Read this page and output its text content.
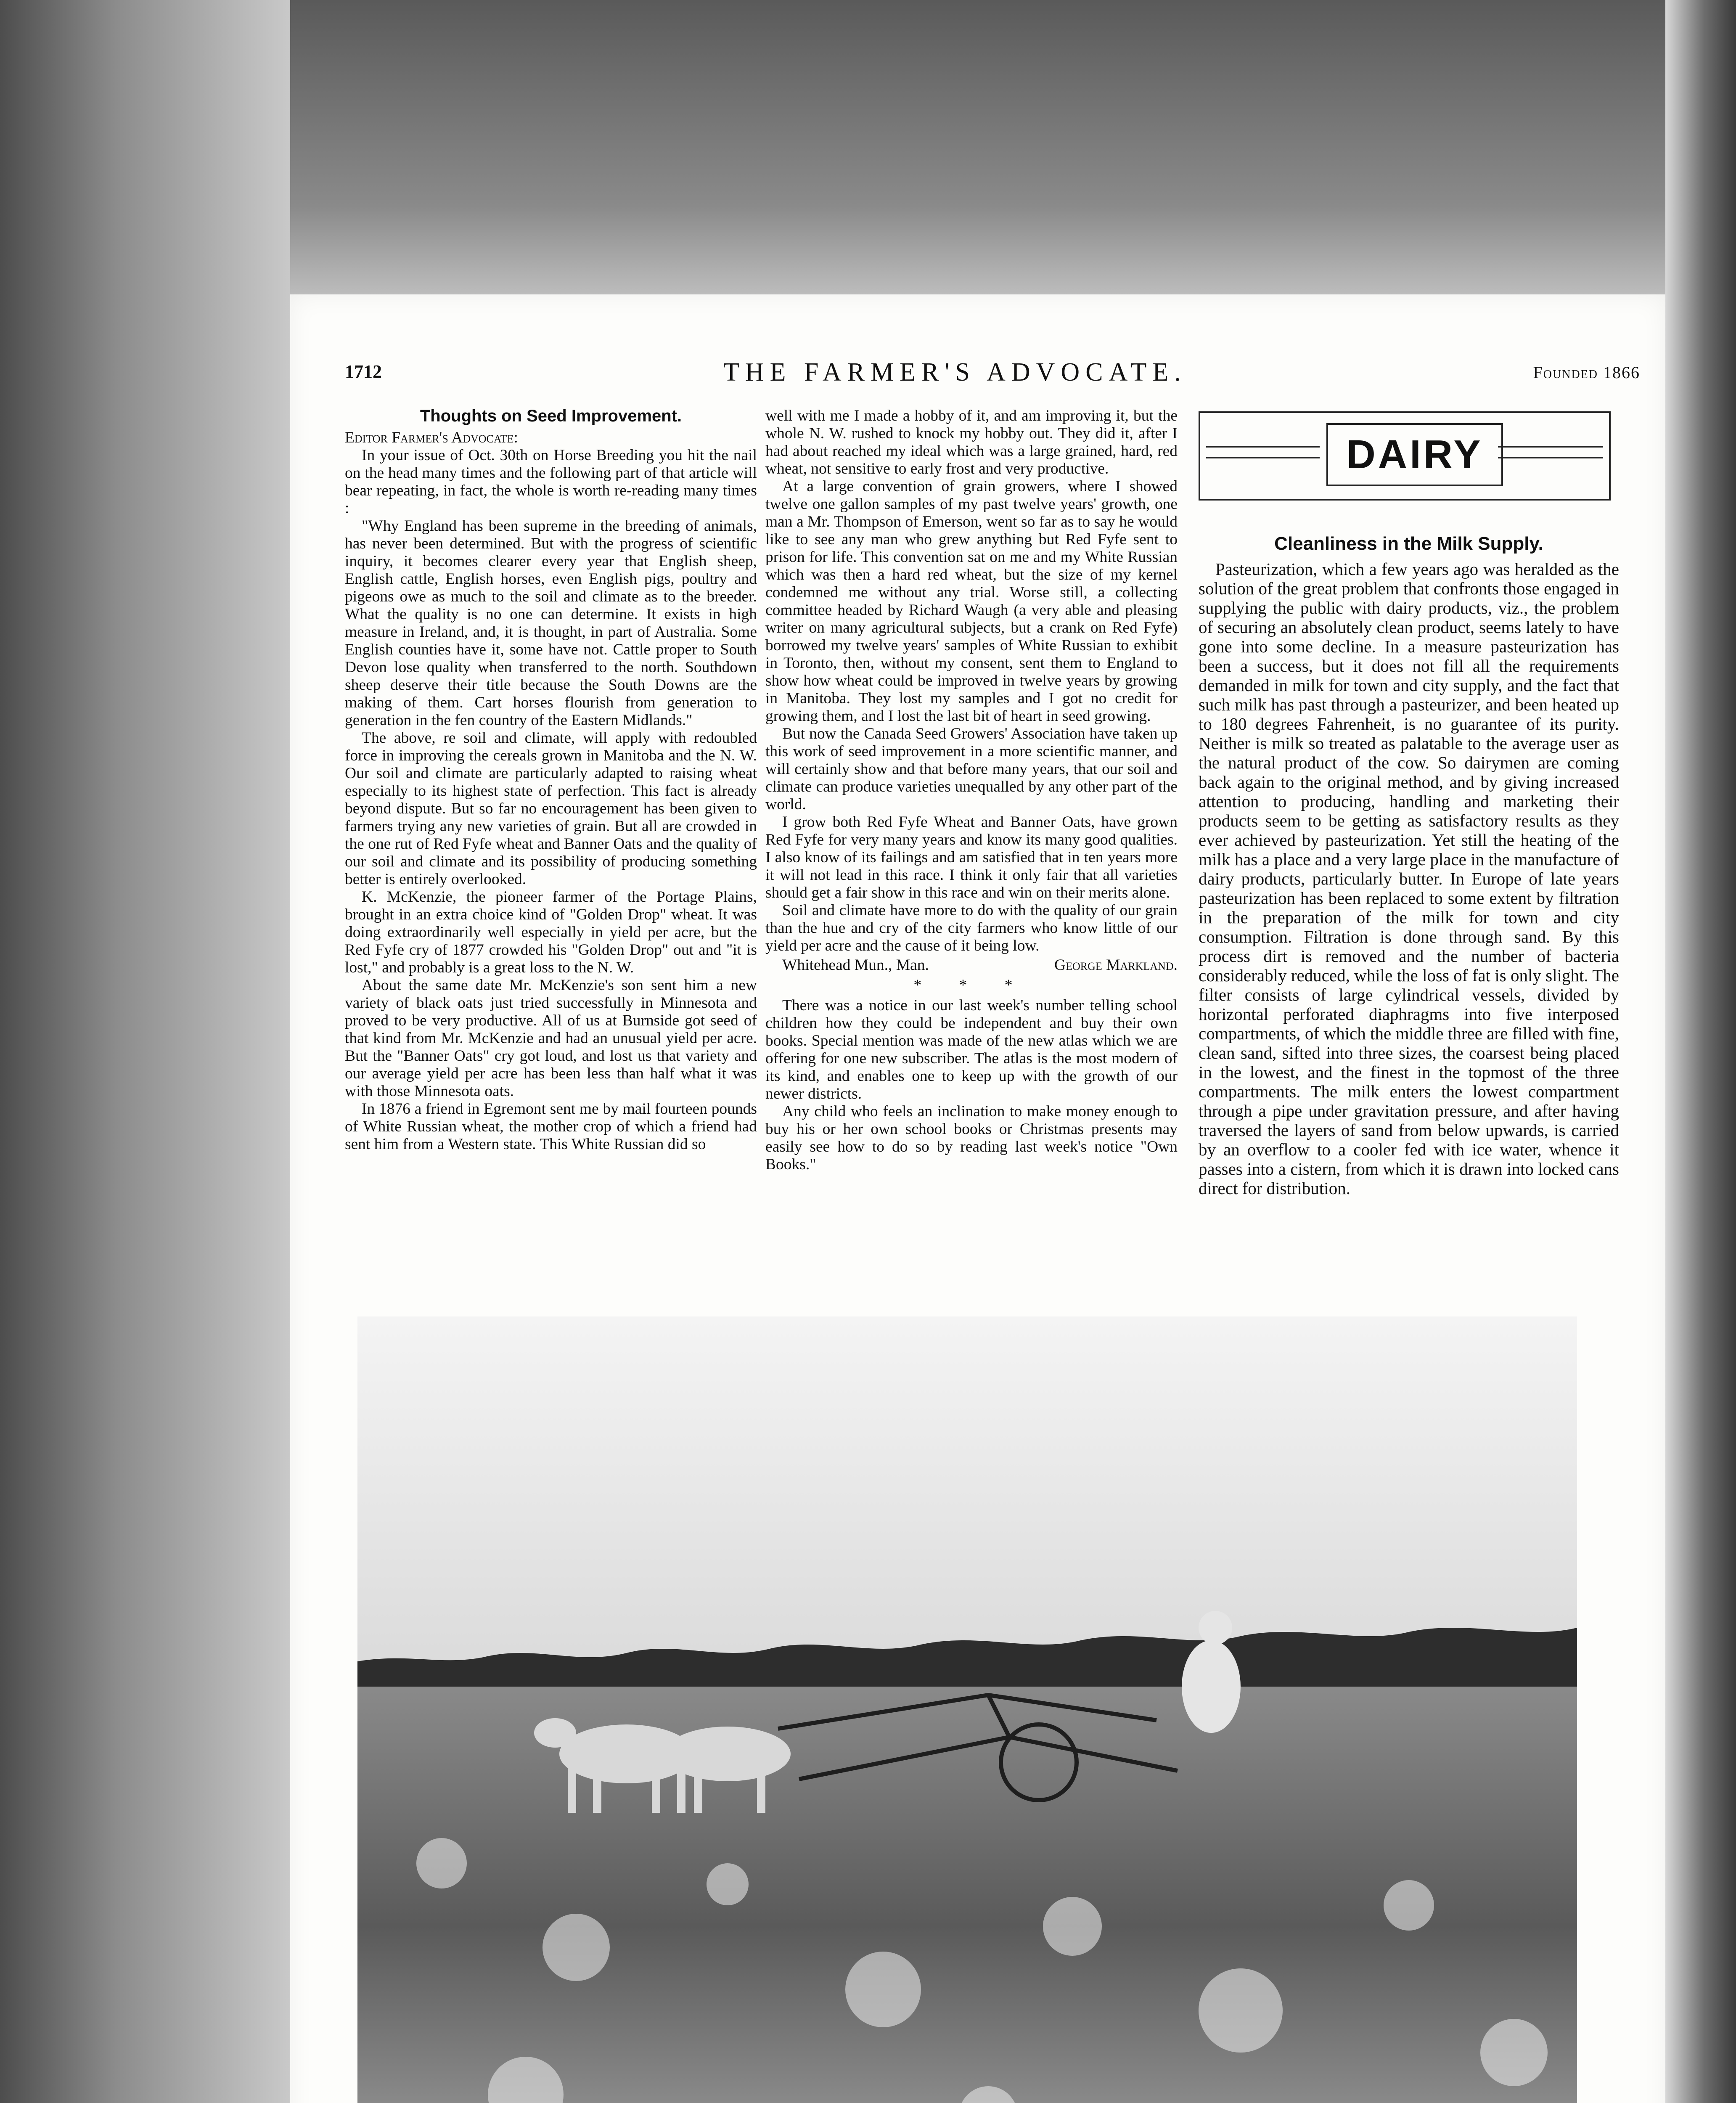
1712	THE FARMER'S ADVOCATE.	Founded 1866
Thoughts on Seed Improvement.

Editor Farmer's Advocate:

In your issue of Oct. 30th on Horse Breeding you hit the nail on the head many times and the following part of that article will bear repeating, in fact, the whole is worth re-reading many times :

"Why England has been supreme in the breeding of animals, has never been determined. But with the progress of scientific inquiry, it becomes clearer every year that English sheep, English cattle, English horses, even English pigs, poultry and pigeons owe as much to the soil and climate as to the breeder. What the quality is no one can determine. It exists in high measure in Ireland, and, it is thought, in part of Australia. Some English counties have it, some have not. Cattle proper to South Devon lose quality when transferred to the north. Southdown sheep deserve their title because the South Downs are the making of them. Cart horses flourish from generation to generation in the fen country of the Eastern Midlands."

The above, re soil and climate, will apply with redoubled force in improving the cereals grown in Manitoba and the N. W. Our soil and climate are particularly adapted to raising wheat especially to its highest state of perfection. This fact is already beyond dispute. But so far no encouragement has been given to farmers trying any new varieties of grain. But all are crowded in the one rut of Red Fyfe wheat and Banner Oats and the quality of our soil and climate and its possibility of producing something better is entirely overlooked.

K. McKenzie, the pioneer farmer of the Portage Plains, brought in an extra choice kind of "Golden Drop" wheat. It was doing extraordinarily well especially in yield per acre, but the Red Fyfe cry of 1877 crowded his "Golden Drop" out and "it is lost," and probably is a great loss to the N. W.

About the same date Mr. McKenzie's son sent him a new variety of black oats just tried successfully in Minnesota and proved to be very productive. All of us at Burnside got seed of that kind from Mr. McKenzie and had an unusual yield per acre. But the "Banner Oats" cry got loud, and lost us that variety and our average yield per acre has been less than half what it was with those Minnesota oats.

In 1876 a friend in Egremont sent me by mail fourteen pounds of White Russian wheat, the mother crop of which a friend had sent him from a Western state. This White Russian did so

well with me I made a hobby of it, and am improving it, but the whole N. W. rushed to knock my hobby out. They did it, after I had about reached my ideal which was a large grained, hard, red wheat, not sensitive to early frost and very productive.

At a large convention of grain growers, where I showed twelve one gallon samples of my past twelve years' growth, one man a Mr. Thompson of Emerson, went so far as to say he would like to see any man who grew anything but Red Fyfe sent to prison for life. This convention sat on me and my White Russian which was then a hard red wheat, but the size of my kernel condemned me without any trial. Worse still, a collecting committee headed by Richard Waugh (a very able and pleasing writer on many agricultural subjects, but a crank on Red Fyfe) borrowed my twelve years' samples of White Russian to exhibit in Toronto, then, without my consent, sent them to England to show how wheat could be improved in twelve years by growing in Manitoba. They lost my samples and I got no credit for growing them, and I lost the last bit of heart in seed growing.

But now the Canada Seed Growers' Association have taken up this work of seed improvement in a more scientific manner, and will certainly show and that before many years, that our soil and climate can produce varieties unequalled by any other part of the world.

I grow both Red Fyfe Wheat and Banner Oats, have grown Red Fyfe for very many years and know its many good qualities. I also know of its failings and am satisfied that in ten years more it will not lead in this race. I think it only fair that all varieties should get a fair show in this race and win on their merits alone.

Soil and climate have more to do with the quality of our grain than the hue and cry of the city farmers who know little of our yield per acre and the cause of it being low.

Whitehead Mun., Man.	George Markland.

* * *

There was a notice in our last week's number telling school children how they could be independent and buy their own books. Special mention was made of the new atlas which we are offering for one new subscriber. The atlas is the most modern of its kind, and enables one to keep up with the growth of our newer districts.

Any child who feels an inclination to make money enough to buy his or her own school books or Christmas presents may easily see how to do so by reading last week's notice "Own Books."

DAIRY
Cleanliness in the Milk Supply.

Pasteurization, which a few years ago was heralded as the solution of the great problem that confronts those engaged in supplying the public with dairy products, viz., the problem of securing an absolutely clean product, seems lately to have gone into some decline. In a measure pasteurization has been a success, but it does not fill all the requirements demanded in milk for town and city supply, and the fact that such milk has past through a pasteurizer, and been heated up to 180 degrees Fahrenheit, is no guarantee of its purity. Neither is milk so treated as palatable to the average user as the natural product of the cow. So dairymen are coming back again to the original method, and by giving increased attention to producing, handling and marketing their products seem to be getting as satisfactory results as they ever achieved by pasteurization. Yet still the heating of the milk has a place and a very large place in the manufacture of dairy products, particularly butter. In Europe of late years pasteurization has been replaced to some extent by filtration in the preparation of the milk for town and city consumption. Filtration is done through sand. By this process dirt is removed and the number of bacteria considerably reduced, while the loss of fat is only slight. The filter consists of large cylindrical vessels, divided by horizontal perforated diaphragms into five interposed compartments, of which the middle three are filled with fine, clean sand, sifted into three sizes, the coarsest being placed in the lowest, and the finest in the topmost of the three compartments. The milk enters the lowest compartment through a pipe under gravitation pressure, and after having traversed the layers of sand from below upwards, is carried by an overflow to a cooler fed with ice water, whence it passes into a cistern, from which it is drawn into locked cans direct for distribution.
